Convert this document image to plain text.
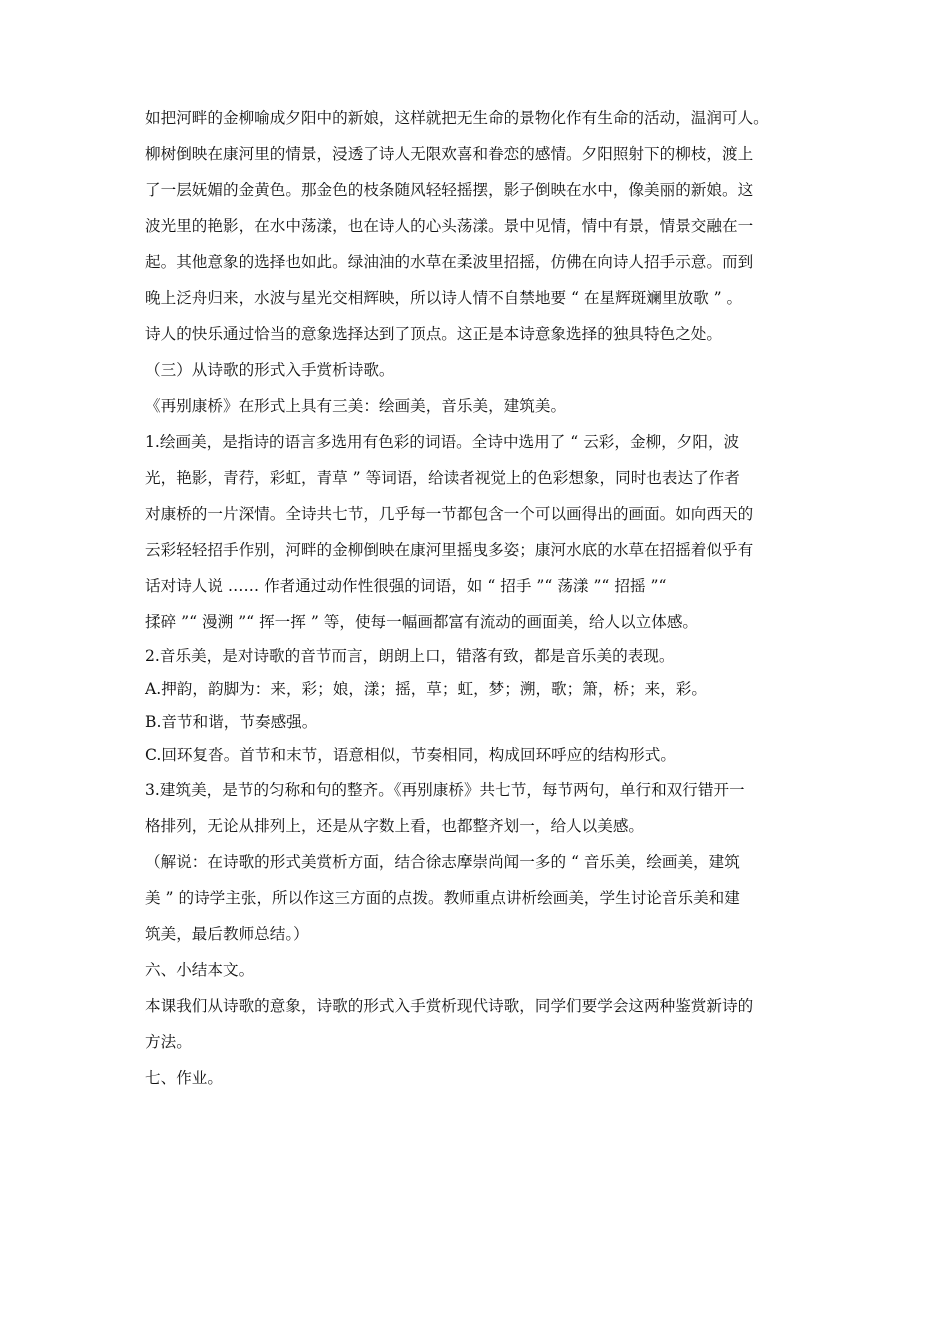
如把河畔的金柳喻成夕阳中的新娘，这样就把无生命的景物化作有生命的活动，温润可人。
柳树倒映在康河里的情景，浸透了诗人无限欢喜和眷恋的感情。夕阳照射下的柳枝，渡上
了一层妩媚的金黄色。那金色的枝条随风轻轻摇摆，影子倒映在水中，像美丽的新娘。这
波光里的艳影，在水中荡漾，也在诗人的心头荡漾。景中见情，情中有景，情景交融在一
起。其他意象的选择也如此。绿油油的水草在柔波里招摇，仿佛在向诗人招手示意。而到
晚上泛舟归来，水波与星光交相辉映，所以诗人情不自禁地要 “ 在星辉斑斓里放歌 ” 。
诗人的快乐通过恰当的意象选择达到了顶点。这正是本诗意象选择的独具特色之处。
（三）从诗歌的形式入手赏析诗歌。
《再别康桥》在形式上具有三美：绘画美，音乐美，建筑美。
1.绘画美，是指诗的语言多选用有色彩的词语。全诗中选用了 “ 云彩，金柳，夕阳，波
光，艳影，青荇，彩虹，青草 ” 等词语，给读者视觉上的色彩想象，同时也表达了作者
对康桥的一片深情。全诗共七节，几乎每一节都包含一个可以画得出的画面。如向西天的
云彩轻轻招手作别，河畔的金柳倒映在康河里摇曳多姿；康河水底的水草在招摇着似乎有
话对诗人说 …… 作者通过动作性很强的词语，如 “ 招手 ”“ 荡漾 ”“ 招摇 ”“
揉碎 ”“ 漫溯 ”“ 挥一挥 ” 等，使每一幅画都富有流动的画面美，给人以立体感。
2.音乐美，是对诗歌的音节而言，朗朗上口，错落有致，都是音乐美的表现。
A.押韵，韵脚为：来，彩；娘，漾；摇，草；虹，梦；溯，歌；箫，桥；来，彩。
B.音节和谐，节奏感强。
C.回环复沓。首节和末节，语意相似，节奏相同，构成回环呼应的结构形式。
3.建筑美，是节的匀称和句的整齐。《再别康桥》共七节，每节两句，单行和双行错开一
格排列，无论从排列上，还是从字数上看，也都整齐划一，给人以美感。
（解说：在诗歌的形式美赏析方面，结合徐志摩崇尚闻一多的 “ 音乐美，绘画美，建筑
美 ” 的诗学主张，所以作这三方面的点拨。教师重点讲析绘画美，学生讨论音乐美和建
筑美，最后教师总结。）
六、小结本文。
本课我们从诗歌的意象，诗歌的形式入手赏析现代诗歌，同学们要学会这两种鉴赏新诗的
方法。
七、作业。
